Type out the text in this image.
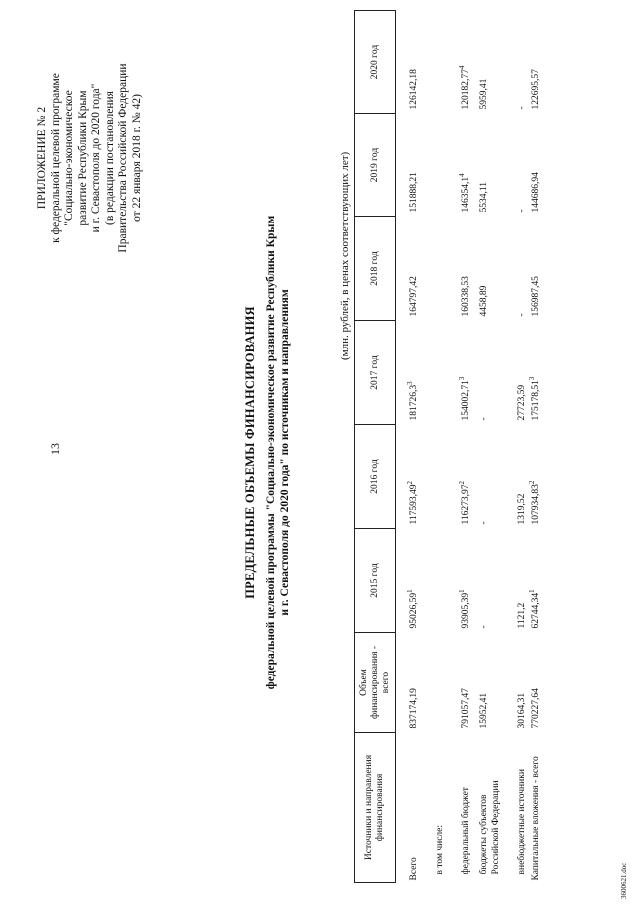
13
ПРИЛОЖЕНИЕ № 2 к федеральной целевой программе "Социально-экономическое развитие Республики Крым и г. Севастополя до 2020 года" (в редакции постановления Правительства Российской Федерации от 22 января 2018 г. № 42)
ПРЕДЕЛЬНЫЕ ОБЪЕМЫ ФИНАНСИРОВАНИЯ федеральной целевой программы "Социально-экономическое развитие Республики Крым и г. Севастополя до 2020 года" по источникам и направлениям
(млн. рублей, в ценах соответствующих лет)
Источники и направления финансирования	Объем финансирования - всего	2015 год	2016 год	2017 год	2018 год	2019 год	2020 год
Всего	837174,19	95026,59$^1$	117593,49$^2$	181726,3$^3$	164797,42	151888,21	126142,18
в том числе:							
федеральный бюджет	791057,47	93905,39$^1$	116273,97$^2$	154002,71$^3$	160338,53	146354,1$^4$	120182,77$^4$

бюджеты субъектов Российской Федерации	15952,41	-	-	-	4458,89	5534,11	5959,41
внебюджетные источники	30164,31	1121,2	1319,52	27723,59	-	-	-
Капитальные вложения - всего	770227,64	62744,34$^1$	107934,83$^2$	175178,51$^3$	156987,45	144686,94	122695,57
3600621.doc
